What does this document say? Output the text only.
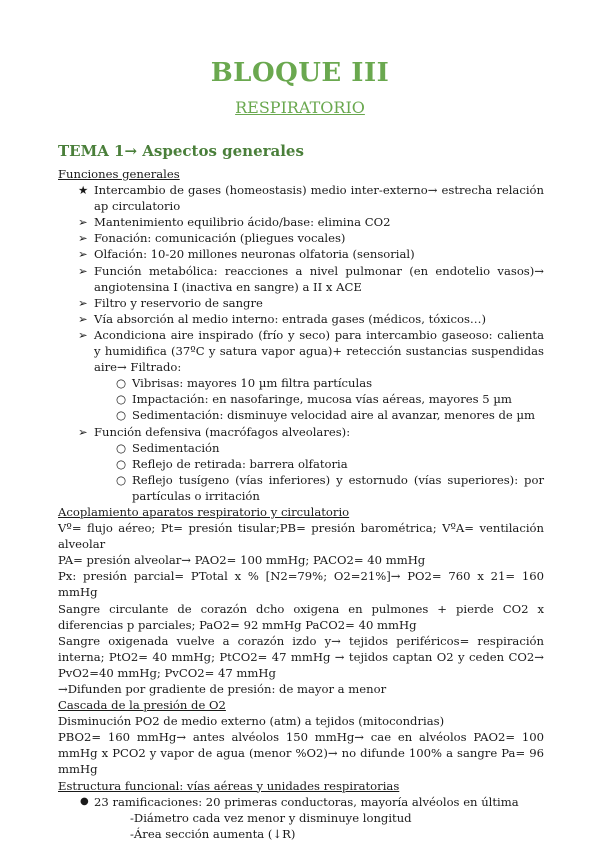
BLOQUE III
RESPIRATORIO
TEMA 1→ Aspectos generales
Funciones generales
★ Intercambio de gases (homeostasis) medio inter-externo→ estrecha relación ap circulatorio
➢ Mantenimiento equilibrio ácido/base: elimina CO2
➢ Fonación: comunicación (pliegues vocales)
➢ Olfación: 10-20 millones neuronas olfatoria (sensorial)
➢ Función metabólica: reacciones a nivel pulmonar (en endotelio vasos)→ angiotensina I (inactiva en sangre) a II x ACE
➢ Filtro y reservorio de sangre
➢ Vía absorción al medio interno: entrada gases (médicos, tóxicos…)
➢ Acondiciona aire inspirado (frío y seco) para intercambio gaseoso: calienta y humidifica (37ºC y satura vapor agua)+ retección sustancias suspendidas aire→ Filtrado:
○ Vibrisas: mayores 10 µm filtra partículas
○ Impactación: en nasofaringe, mucosa vías aéreas, mayores 5 µm
○ Sedimentación: disminuye velocidad aire al avanzar, menores de µm
➢ Función defensiva (macrófagos alveolares):
○ Sedimentación
○ Reflejo de retirada: barrera olfatoria
○ Reflejo tusígeno (vías inferiores) y estornudo (vías superiores): por partículas o irritación
Acoplamiento aparatos respiratorio y circulatorio
Vº= flujo aéreo; Pt= presión tisular;PB= presión barométrica; VºA= ventilación alveolar
PA= presión alveolar→ PAO2= 100 mmHg; PACO2= 40 mmHg
Px: presión parcial= PTotal x % [N2=79%; O2=21%]→ PO2= 760 x 21= 160 mmHg
Sangre circulante de corazón dcho oxigena en pulmones + pierde CO2 x diferencias p parciales; PaO2= 92 mmHg PaCO2= 40 mmHg
Sangre oxigenada vuelve a corazón izdo y→ tejidos periféricos= respiración interna; PtO2= 40 mmHg; PtCO2= 47 mmHg → tejidos captan O2 y ceden CO2→ PvO2=40 mmHg; PvCO2= 47 mmHg
→Difunden por gradiente de presión: de mayor a menor
Cascada de la presión de O2
Disminución PO2 de medio externo (atm) a tejidos (mitocondrias)
PBO2= 160 mmHg→ antes alvéolos 150 mmHg→ cae en alvéolos PAO2= 100 mmHg x PCO2 y vapor de agua (menor %O2)→ no difunde 100% a sangre Pa= 96 mmHg
Estructura funcional: vías aéreas y unidades respiratorias
● 23 ramificaciones: 20 primeras conductoras, mayoría alvéolos en última
-Diámetro cada vez menor y disminuye longitud
-Área sección aumenta (↓R)
